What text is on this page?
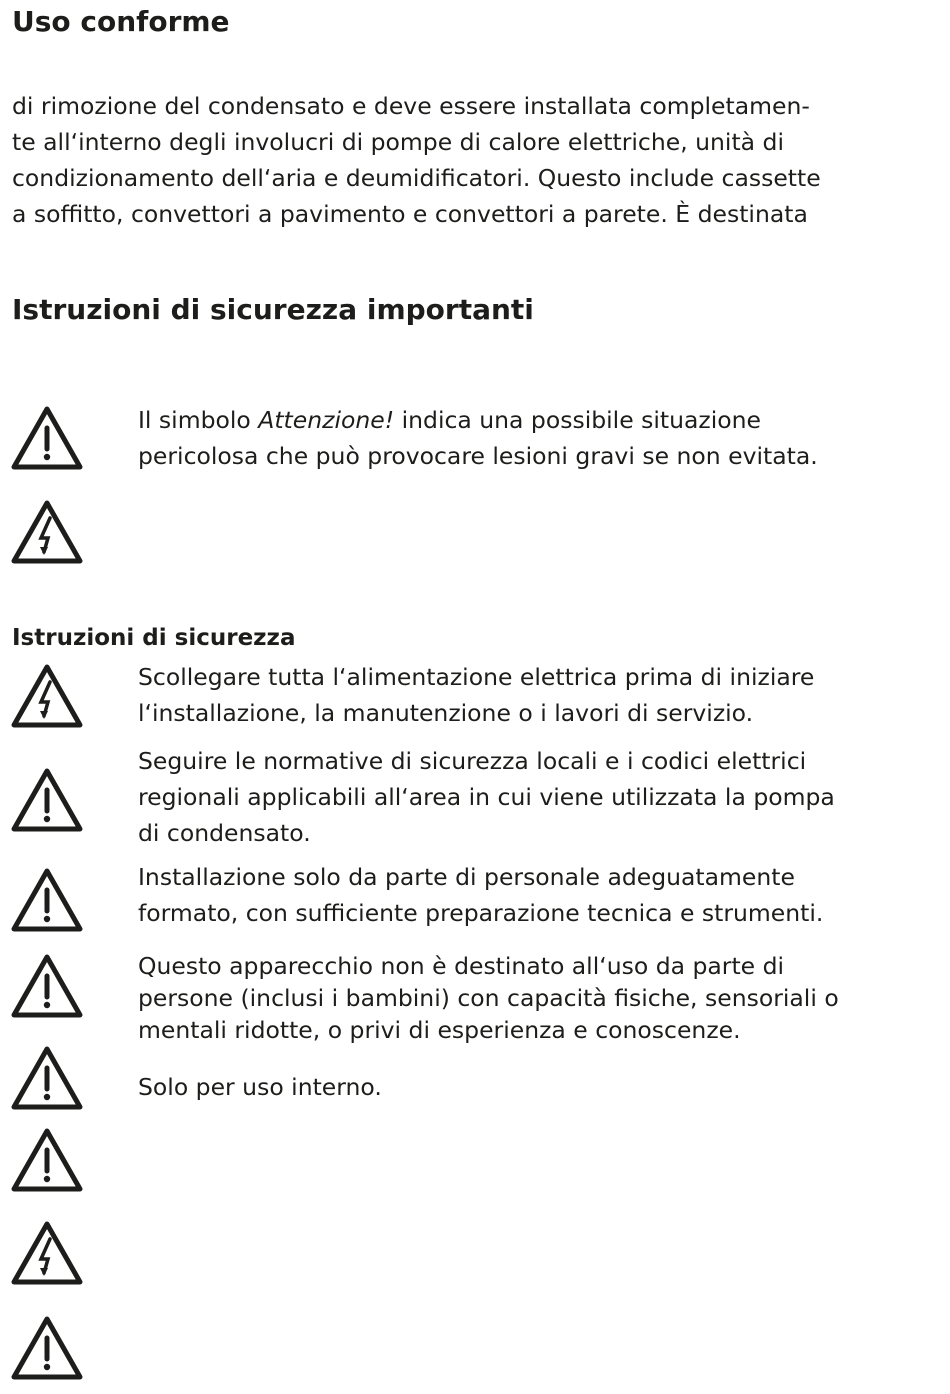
Uso conforme
di rimozione del condensato e deve essere installata completamen-
te all‘interno degli involucri di pompe di calore elettriche, unità di
condizionamento dell‘aria e deumidificatori. Questo include cassette
a soffitto, convettori a pavimento e convettori a parete. È destinata
Istruzioni di sicurezza importanti
Il simbolo Attenzione! indica una possibile situazione
pericolosa che può provocare lesioni gravi se non evitata.
Istruzioni di sicurezza
Scollegare tutta l‘alimentazione elettrica prima di iniziare
l‘installazione, la manutenzione o i lavori di servizio.
Seguire le normative di sicurezza locali e i codici elettrici
regionali applicabili all‘area in cui viene utilizzata la pompa
di condensato.
Installazione solo da parte di personale adeguatamente
formato, con sufficiente preparazione tecnica e strumenti.
Questo apparecchio non è destinato all‘uso da parte di
persone (inclusi i bambini) con capacità fisiche, sensoriali o
mentali ridotte, o privi di esperienza e conoscenze.
Solo per uso interno.
